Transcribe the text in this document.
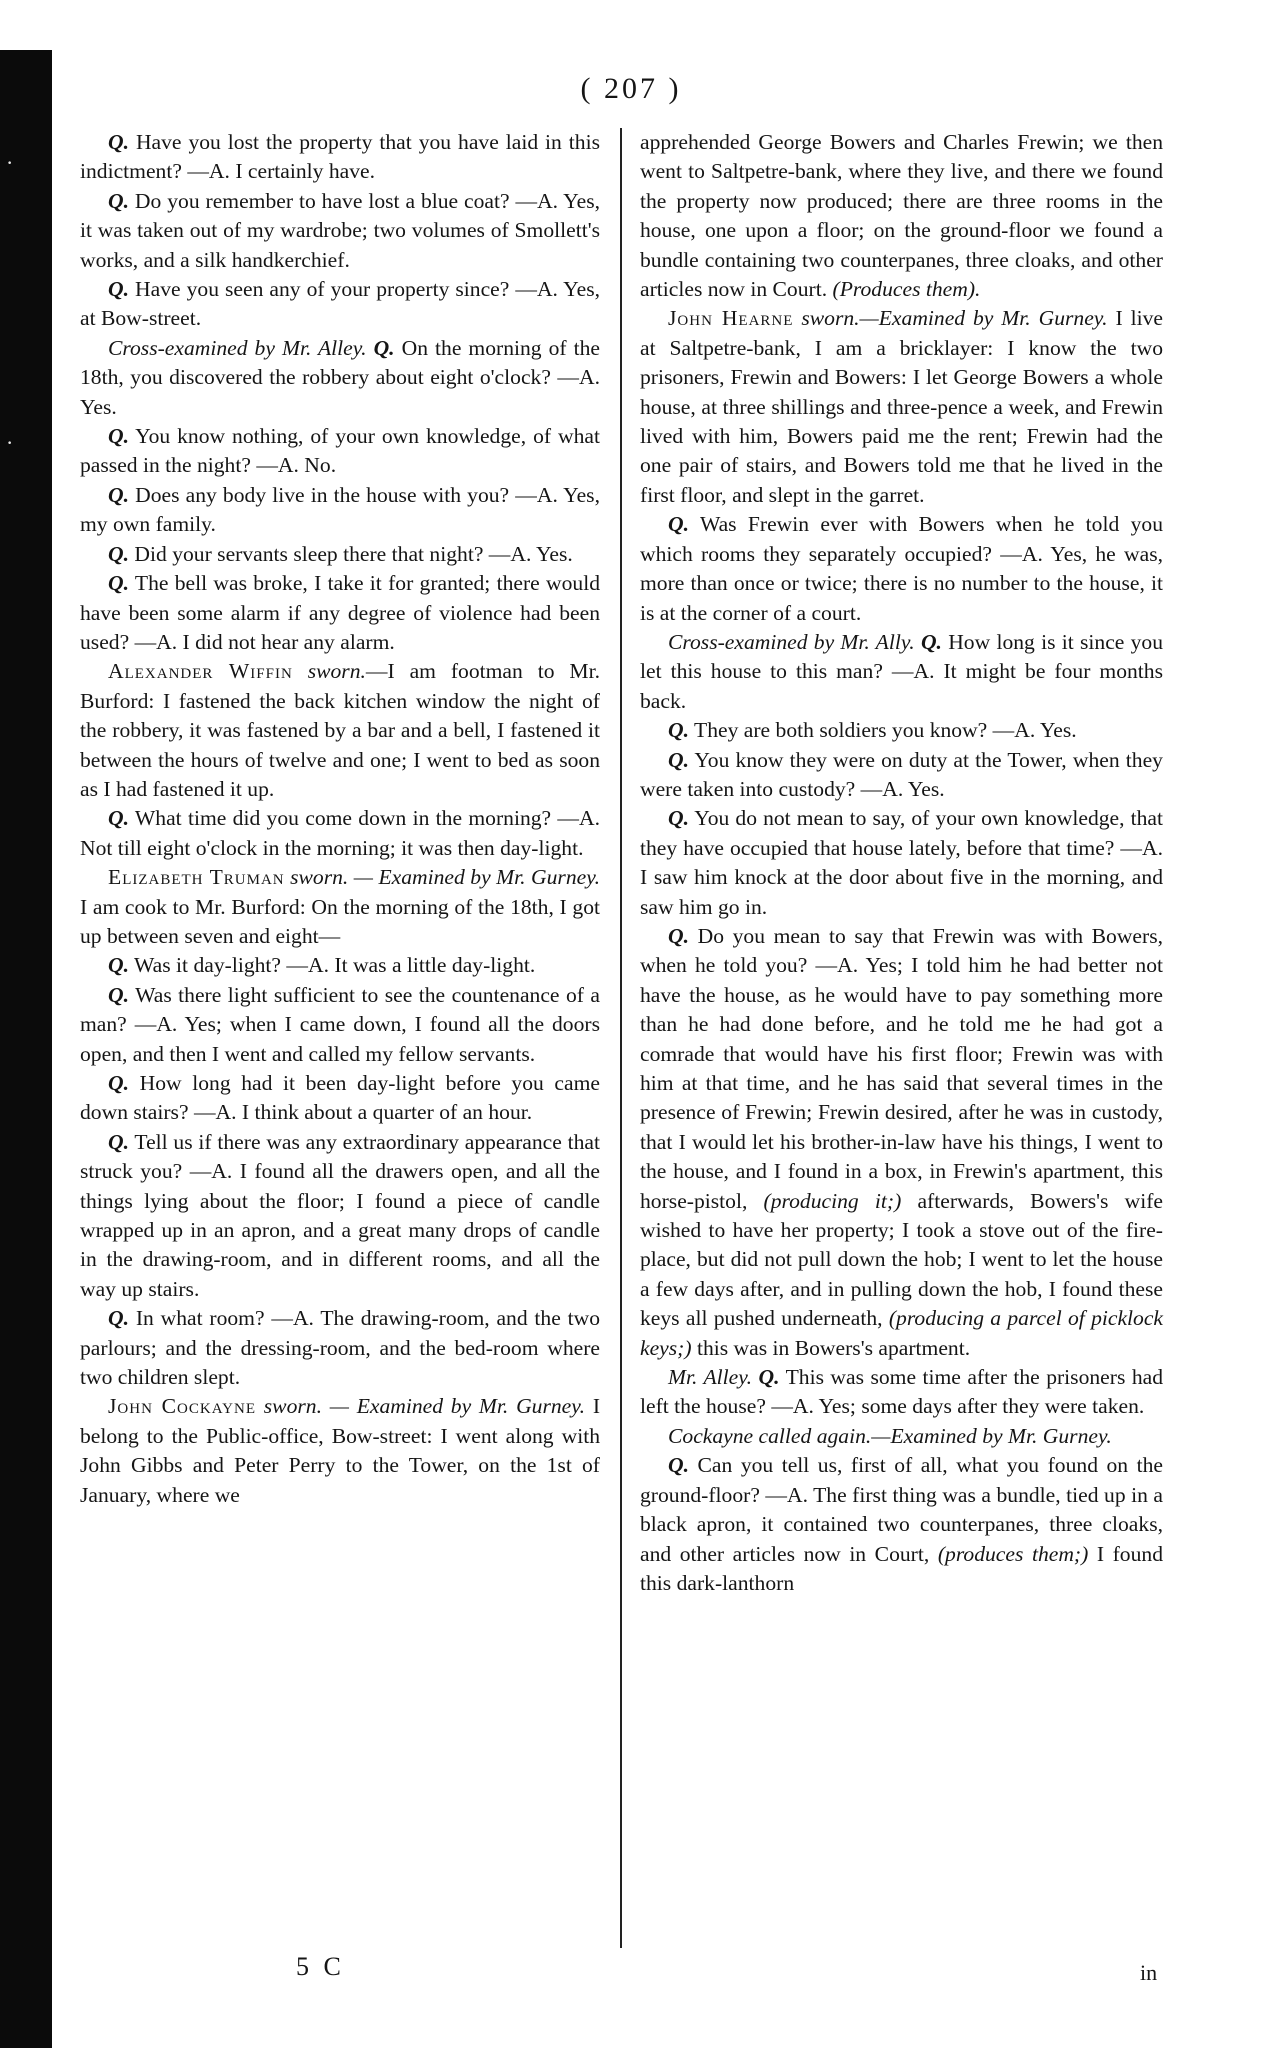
·
·
( 207 )

Q. Have you lost the property that you have laid in this indictment? —A. I certainly have.

Q. Do you remember to have lost a blue coat? —A. Yes, it was taken out of my wardrobe; two volumes of Smollett's works, and a silk handkerchief.

Q. Have you seen any of your property since? —A. Yes, at Bow-street.

Cross-examined by Mr. Alley. Q. On the morning of the 18th, you discovered the robbery about eight o'clock? —A. Yes.

Q. You know nothing, of your own knowledge, of what passed in the night? —A. No.

Q. Does any body live in the house with you? —A. Yes, my own family.

Q. Did your servants sleep there that night? —A. Yes.

Q. The bell was broke, I take it for granted; there would have been some alarm if any degree of violence had been used? —A. I did not hear any alarm.

Alexander Wiffin sworn.—I am footman to Mr. Burford: I fastened the back kitchen window the night of the robbery, it was fastened by a bar and a bell, I fastened it between the hours of twelve and one; I went to bed as soon as I had fastened it up.

Q. What time did you come down in the morning? —A. Not till eight o'clock in the morning; it was then day-light.

Elizabeth Truman sworn. — Examined by Mr. Gurney. I am cook to Mr. Burford: On the morning of the 18th, I got up between seven and eight—

Q. Was it day-light? —A. It was a little day-light.

Q. Was there light sufficient to see the countenance of a man? —A. Yes; when I came down, I found all the doors open, and then I went and called my fellow servants.

Q. How long had it been day-light before you came down stairs? —A. I think about a quarter of an hour.

Q. Tell us if there was any extraordinary appearance that struck you? —A. I found all the drawers open, and all the things lying about the floor; I found a piece of candle wrapped up in an apron, and a great many drops of candle in the drawing-room, and in different rooms, and all the way up stairs.

Q. In what room? —A. The drawing-room, and the two parlours; and the dressing-room, and the bed-room where two children slept.

John Cockayne sworn. — Examined by Mr. Gurney. I belong to the Public-office, Bow-street: I went along with John Gibbs and Peter Perry to the Tower, on the 1st of January, where we

apprehended George Bowers and Charles Frewin; we then went to Saltpetre-bank, where they live, and there we found the property now produced; there are three rooms in the house, one upon a floor; on the ground-floor we found a bundle containing two counterpanes, three cloaks, and other articles now in Court. (Produces them).

John Hearne sworn.—Examined by Mr. Gurney. I live at Saltpetre-bank, I am a bricklayer: I know the two prisoners, Frewin and Bowers: I let George Bowers a whole house, at three shillings and three-pence a week, and Frewin lived with him, Bowers paid me the rent; Frewin had the one pair of stairs, and Bowers told me that he lived in the first floor, and slept in the garret.

Q. Was Frewin ever with Bowers when he told you which rooms they separately occupied? —A. Yes, he was, more than once or twice; there is no number to the house, it is at the corner of a court.

Cross-examined by Mr. Ally. Q. How long is it since you let this house to this man? —A. It might be four months back.

Q. They are both soldiers you know? —A. Yes.

Q. You know they were on duty at the Tower, when they were taken into custody? —A. Yes.

Q. You do not mean to say, of your own knowledge, that they have occupied that house lately, before that time? —A. I saw him knock at the door about five in the morning, and saw him go in.

Q. Do you mean to say that Frewin was with Bowers, when he told you? —A. Yes; I told him he had better not have the house, as he would have to pay something more than he had done before, and he told me he had got a comrade that would have his first floor; Frewin was with him at that time, and he has said that several times in the presence of Frewin; Frewin desired, after he was in custody, that I would let his brother-in-law have his things, I went to the house, and I found in a box, in Frewin's apartment, this horse-pistol, (producing it;) afterwards, Bowers's wife wished to have her property; I took a stove out of the fire-place, but did not pull down the hob; I went to let the house a few days after, and in pulling down the hob, I found these keys all pushed underneath, (producing a parcel of picklock keys;) this was in Bowers's apartment.

Mr. Alley. Q. This was some time after the prisoners had left the house? —A. Yes; some days after they were taken.

Cockayne called again.—Examined by Mr. Gurney.

Q. Can you tell us, first of all, what you found on the ground-floor? —A. The first thing was a bundle, tied up in a black apron, it contained two counterpanes, three cloaks, and other articles now in Court, (produces them;) I found this dark-lanthorn

5 C	in
